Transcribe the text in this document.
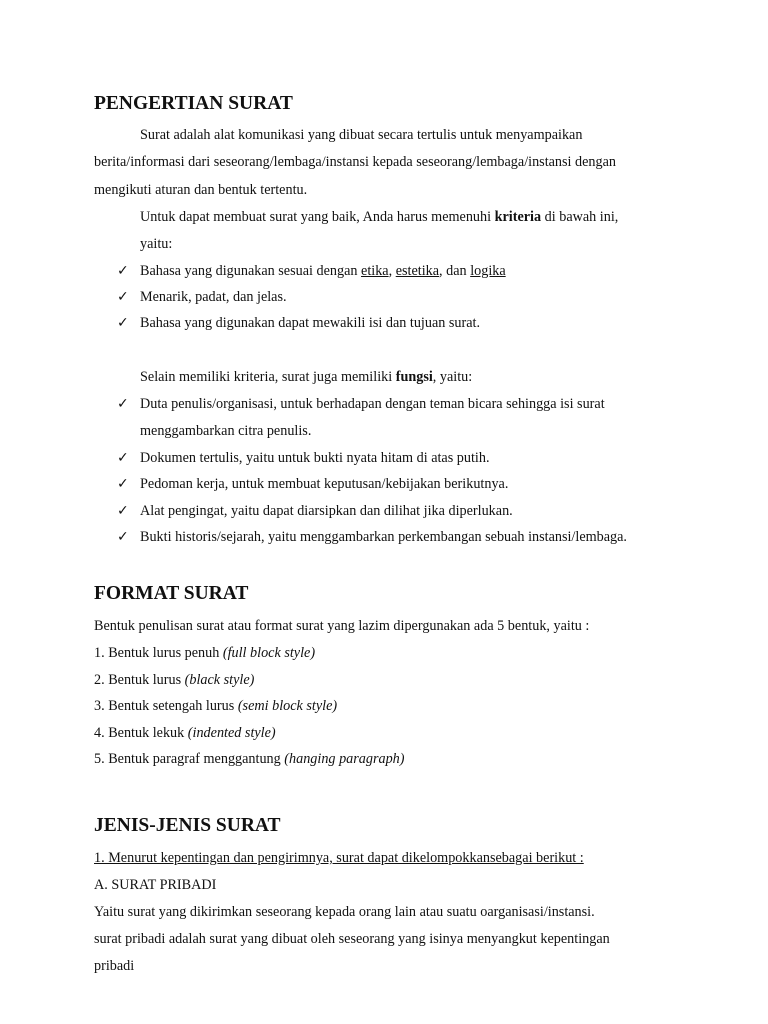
PENGERTIAN SURAT
Surat adalah alat komunikasi yang dibuat secara tertulis untuk menyampaikan
berita/informasi dari seseorang/lembaga/instansi kepada seseorang/lembaga/instansi dengan
mengikuti aturan dan bentuk tertentu.
Untuk dapat membuat surat yang baik, Anda harus memenuhi kriteria di bawah ini,
yaitu:
✓ Bahasa yang digunakan sesuai dengan etika, estetika, dan logika
✓ Menarik, padat, dan jelas.
✓ Bahasa yang digunakan dapat mewakili isi dan tujuan surat.
Selain memiliki kriteria, surat juga memiliki fungsi, yaitu:
✓ Duta penulis/organisasi, untuk berhadapan dengan teman bicara sehingga isi surat
menggambarkan citra penulis.
✓ Dokumen tertulis, yaitu untuk bukti nyata hitam di atas putih.
✓ Pedoman kerja, untuk membuat keputusan/kebijakan berikutnya.
✓ Alat pengingat, yaitu dapat diarsipkan dan dilihat jika diperlukan.
✓ Bukti historis/sejarah, yaitu menggambarkan perkembangan sebuah instansi/lembaga.
FORMAT SURAT
Bentuk penulisan surat atau format surat yang lazim dipergunakan ada 5 bentuk, yaitu :
1. Bentuk lurus penuh (full block style)
2. Bentuk lurus (black style)
3. Bentuk setengah lurus (semi block style)
4. Bentuk lekuk (indented style)
5. Bentuk paragraf menggantung (hanging paragraph)
JENIS-JENIS SURAT
1. Menurut kepentingan dan pengirimnya, surat dapat dikelompokkansebagai berikut :
A. SURAT PRIBADI
Yaitu surat yang dikirimkan seseorang kepada orang lain atau suatu oarganisasi/instansi.
surat pribadi adalah surat yang dibuat oleh seseorang yang isinya menyangkut kepentingan
pribadi
